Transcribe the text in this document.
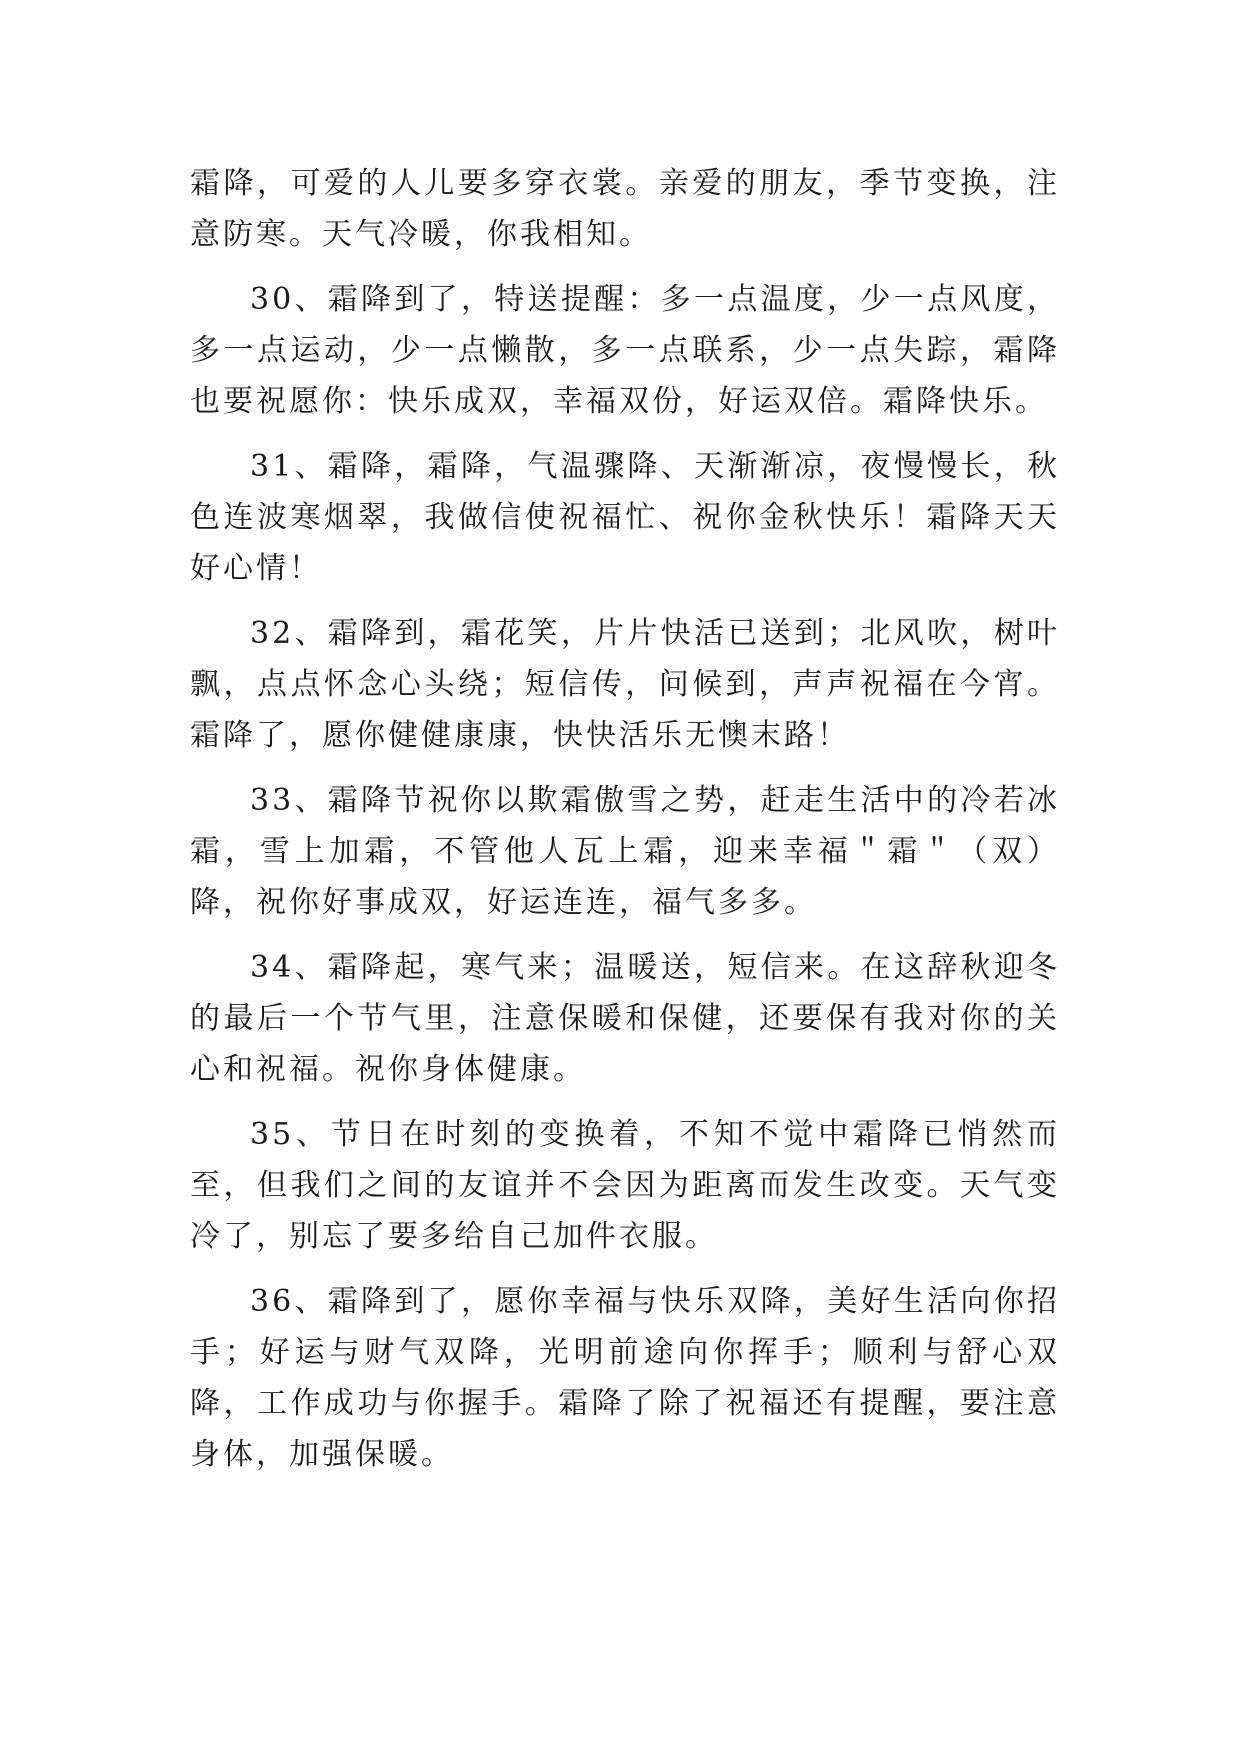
霜降，可爱的人儿要多穿衣裳。亲爱的朋友，季节变换，注意防寒。天气冷暖，你我相知。

30、霜降到了，特送提醒：多一点温度，少一点风度，多一点运动，少一点懒散，多一点联系，少一点失踪，霜降也要祝愿你：快乐成双，幸福双份，好运双倍。霜降快乐。

31、霜降，霜降，气温骤降、天渐渐凉，夜慢慢长，秋色连波寒烟翠，我做信使祝福忙、祝你金秋快乐！霜降天天好心情！

32、霜降到，霜花笑，片片快活已送到；北风吹，树叶飘，点点怀念心头绕；短信传，问候到，声声祝福在今宵。霜降了，愿你健健康康，快快活乐无懊末路！

33、霜降节祝你以欺霜傲雪之势，赶走生活中的冷若冰霜，雪上加霜，不管他人瓦上霜，迎来幸福＂霜＂（双）降，祝你好事成双，好运连连，福气多多。

34、霜降起，寒气来；温暖送，短信来。在这辞秋迎冬的最后一个节气里，注意保暖和保健，还要保有我对你的关心和祝福。祝你身体健康。

35、节日在时刻的变换着，不知不觉中霜降已悄然而至，但我们之间的友谊并不会因为距离而发生改变。天气变冷了，别忘了要多给自己加件衣服。

36、霜降到了，愿你幸福与快乐双降，美好生活向你招手；好运与财气双降，光明前途向你挥手；顺利与舒心双降，工作成功与你握手。霜降了除了祝福还有提醒，要注意身体，加强保暖。
